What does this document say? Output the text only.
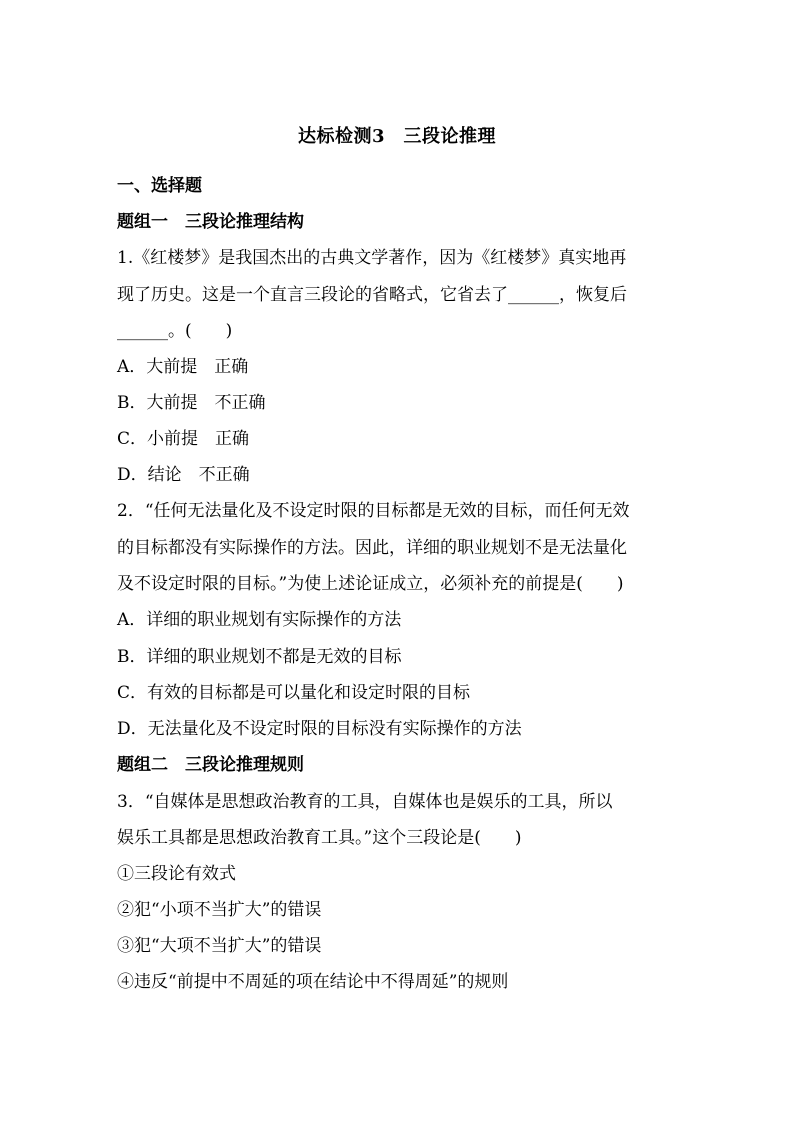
达标检测3　三段论推理
一、选择题
题组一　三段论推理结构
1.《红楼梦》是我国杰出的古典文学著作，因为《红楼梦》真实地再
现了历史。这是一个直言三段论的省略式，它省去了______，恢复后
______。(　　)
A．大前提　正确
B．大前提　不正确
C．小前提　正确
D．结论　不正确
2．“任何无法量化及不设定时限的目标都是无效的目标，而任何无效
的目标都没有实际操作的方法。因此，详细的职业规划不是无法量化
及不设定时限的目标。”为使上述论证成立，必须补充的前提是(　　)
A．详细的职业规划有实际操作的方法
B．详细的职业规划不都是无效的目标
C．有效的目标都是可以量化和设定时限的目标
D．无法量化及不设定时限的目标没有实际操作的方法
题组二　三段论推理规则
3．“自媒体是思想政治教育的工具，自媒体也是娱乐的工具，所以
娱乐工具都是思想政治教育工具。”这个三段论是(　　)
①三段论有效式
②犯“小项不当扩大”的错误
③犯“大项不当扩大”的错误
④违反“前提中不周延的项在结论中不得周延”的规则
